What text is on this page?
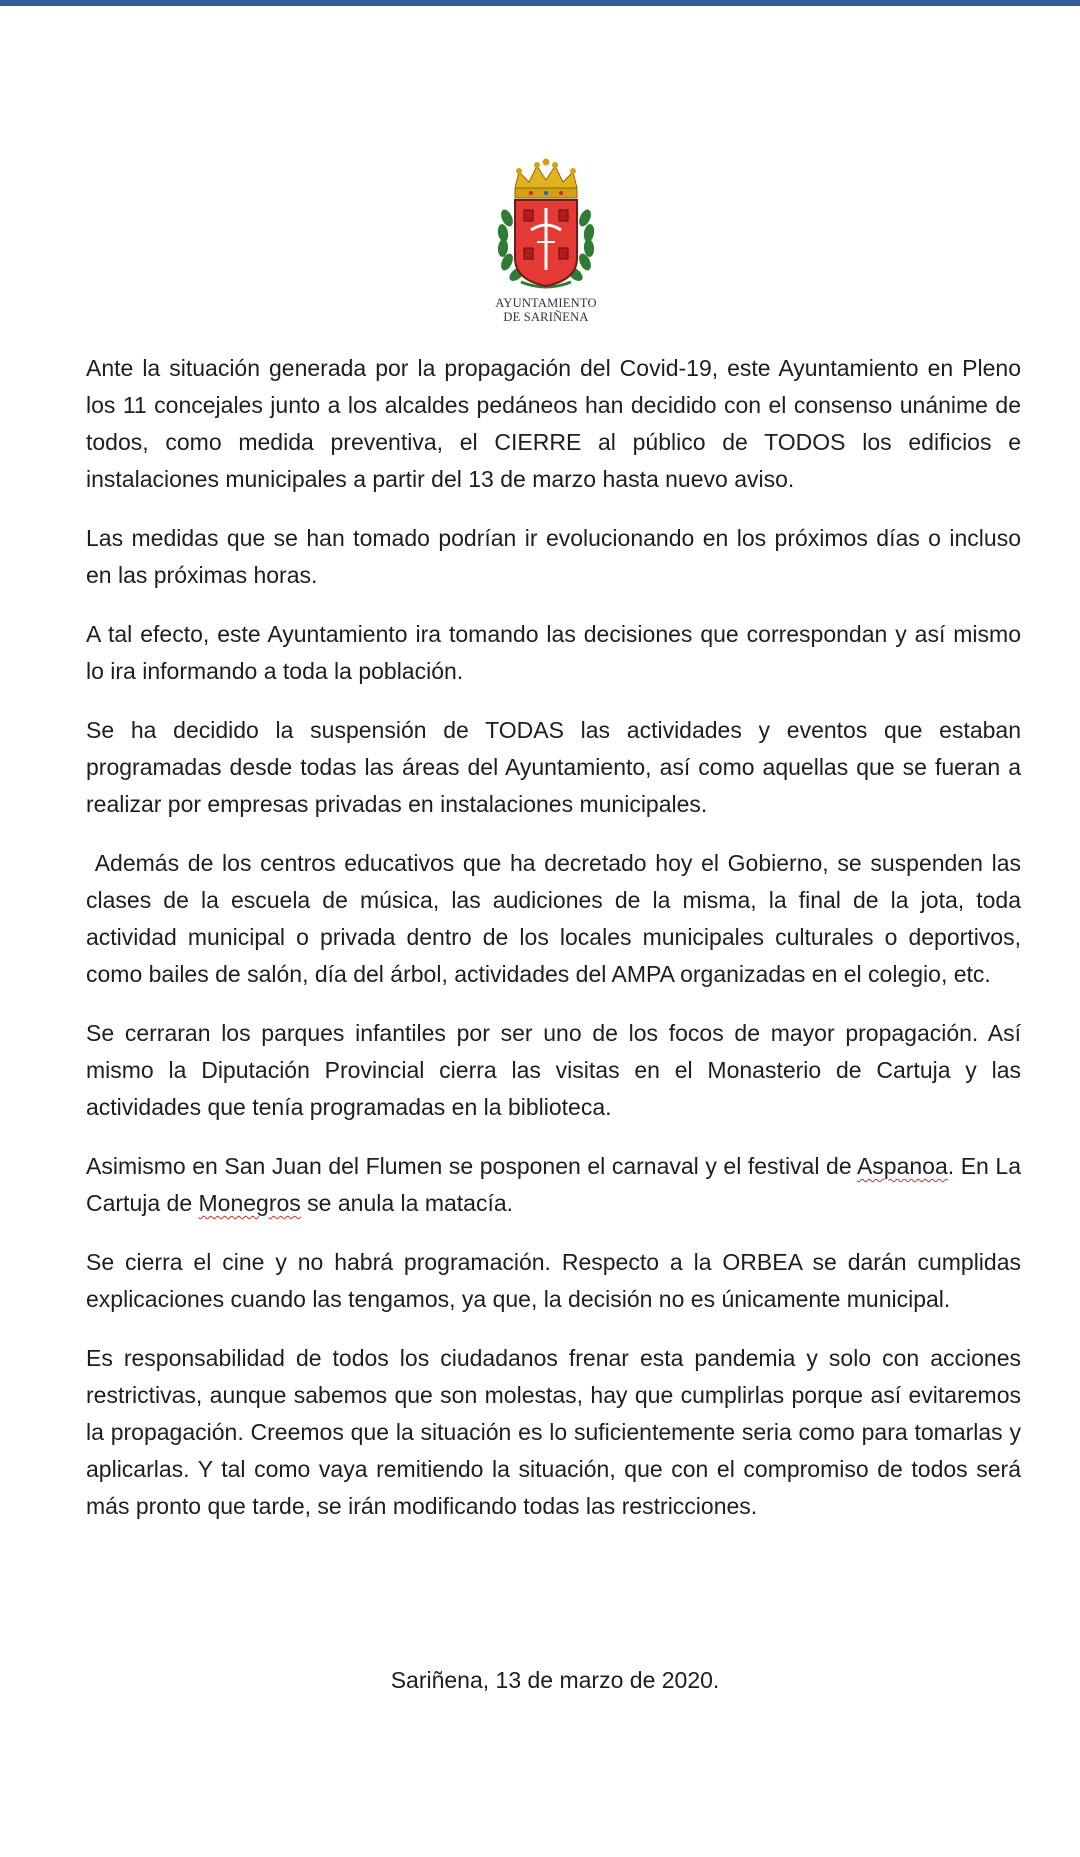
AYUNTAMIENTO
DE SARIÑENA

Ante la situación generada por la propagación del Covid-19, este Ayuntamiento en Pleno los 11 concejales junto a los alcaldes pedáneos han decidido con el consenso unánime de todos, como medida preventiva, el CIERRE al público de TODOS los edificios e instalaciones municipales a partir del 13 de marzo hasta nuevo aviso.

Las medidas que se han tomado podrían ir evolucionando en los próximos días o incluso en las próximas horas.

A tal efecto, este Ayuntamiento ira tomando las decisiones que correspondan y así mismo lo ira informando a toda la población.

Se ha decidido la suspensión de TODAS las actividades y eventos que estaban programadas desde todas las áreas del Ayuntamiento, así como aquellas que se fueran a realizar por empresas privadas en instalaciones municipales.

Además de los centros educativos que ha decretado hoy el Gobierno, se suspenden las clases de la escuela de música, las audiciones de la misma, la final de la jota, toda actividad municipal o privada dentro de los locales municipales culturales o deportivos, como bailes de salón, día del árbol, actividades del AMPA organizadas en el colegio, etc.

Se cerraran los parques infantiles por ser uno de los focos de mayor propagación. Así mismo la Diputación Provincial cierra las visitas en el Monasterio de Cartuja y las actividades que tenía programadas en la biblioteca.

Asimismo en San Juan del Flumen se posponen el carnaval y el festival de Aspanoa. En La Cartuja de Monegros se anula la matacía.

Se cierra el cine y no habrá programación. Respecto a la ORBEA se darán cumplidas explicaciones cuando las tengamos, ya que, la decisión no es únicamente municipal.

Es responsabilidad de todos los ciudadanos frenar esta pandemia y solo con acciones restrictivas, aunque sabemos que son molestas, hay que cumplirlas porque así evitaremos la propagación. Creemos que la situación es lo suficientemente seria como para tomarlas y aplicarlas. Y tal como vaya remitiendo la situación, que con el compromiso de todos será más pronto que tarde, se irán modificando todas las restricciones.

Sariñena, 13 de marzo de 2020.
